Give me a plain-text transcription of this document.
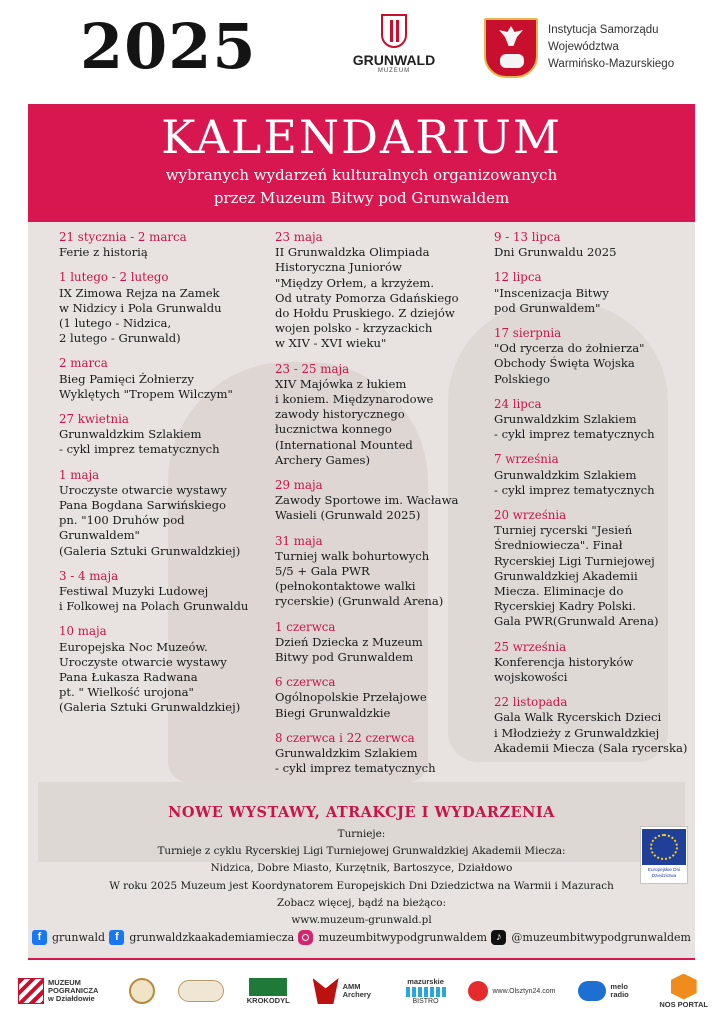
2025	GRUNWALD
MUZEUM
Instytucja Samorządu
Województwa
Warmińsko-Mazurskiego
KALENDARIUM
wybranych wydarzeń kulturalnych organizowanych
przez Muzeum Bitwy pod Grunwaldem
21 stycznia - 2 marca
Ferie z historią
1 lutego - 2 lutego
IX Zimowa Rejza na Zamek
w Nidzicy i Pola Grunwaldu
(1 lutego - Nidzica,
2 lutego - Grunwald)
2 marca
Bieg Pamięci Żołnierzy
Wyklętych "Tropem Wilczym"
27 kwietnia
Grunwaldzkim Szlakiem
- cykl imprez tematycznych
1 maja
Uroczyste otwarcie wystawy
Pana Bogdana Sarwińskiego
pn. "100 Druhów pod
Grunwaldem"
(Galeria Sztuki Grunwaldzkiej)
3 - 4 maja
Festiwal Muzyki Ludowej
i Folkowej na Polach Grunwaldu
10 maja
Europejska Noc Muzeów.
Uroczyste otwarcie wystawy
Pana Łukasza Radwana
pt. " Wielkość urojona"
(Galeria Sztuki Grunwaldzkiej)
23 maja
II Grunwaldzka Olimpiada
Historyczna Juniorów
"Między Orłem, a krzyżem.
Od utraty Pomorza Gdańskiego
do Hołdu Pruskiego. Z dziejów
wojen polsko - krzyzackich
w XIV - XVI wieku"
23 - 25 maja
XIV Majówka z łukiem
i koniem. Międzynarodowe
zawody historycznego
łucznictwa konnego
(International Mounted
Archery Games)
29 maja
Zawody Sportowe im. Wacława
Wasieli (Grunwald 2025)
31 maja
Turniej walk bohurtowych
5/5 + Gala PWR
(pełnokontaktowe walki
rycerskie) (Grunwald Arena)
1 czerwca
Dzień Dziecka z Muzeum
Bitwy pod Grunwaldem
6 czerwca
Ogólnopolskie Przełajowe
Biegi Grunwaldzkie
8 czerwca i 22 czerwca
Grunwaldzkim Szlakiem
- cykl imprez tematycznych
9 - 13 lipca
Dni Grunwaldu 2025
12 lipca
"Inscenizacja Bitwy
pod Grunwaldem"
17 sierpnia
"Od rycerza do żołnierza"
Obchody Święta Wojska
Polskiego
24 lipca
Grunwaldzkim Szlakiem
- cykl imprez tematycznych
7 września
Grunwaldzkim Szlakiem
- cykl imprez tematycznych
20 września
Turniej rycerski "Jesień
Średniowiecza". Finał
Rycerskiej Ligi Turniejowej
Grunwaldzkiej Akademii
Miecza. Eliminacje do
Rycerskiej Kadry Polski.
Gala PWR(Grunwald Arena)
25 września
Konferencja historyków
wojskowości
22 listopada
Gala Walk Rycerskich Dzieci
i Młodzieży z Grunwaldzkiej
Akademii Miecza (Sala rycerska)
NOWE WYSTAWY, ATRAKCJE I WYDARZENIA
Turnieje:
Turnieje z cyklu Rycerskiej Ligi Turniejowej Grunwaldzkiej Akademii Miecza:
Nidzica, Dobre Miasto, Kurzętnik, Bartoszyce, Działdowo
W roku 2025 Muzeum jest Koordynatorem Europejskich Dni Dziedzictwa na Warmii i Mazurach
Zobacz więcej, bądź na bieżąco:
www.muzeum-grunwald.pl
Europejskie Dni Dziedzictwa
f grunwald f grunwaldzkaakademiamiecza muzeumbitwypodgrunwaldem ♪ @muzeumbitwypodgrunwaldem
MUZEUM POGRANICZA w Działdowie	KROKODYL
AMM Archery
mazurskie
BISTRO
www.Olsztyn24.com	melo radio
NOS PORTAL
